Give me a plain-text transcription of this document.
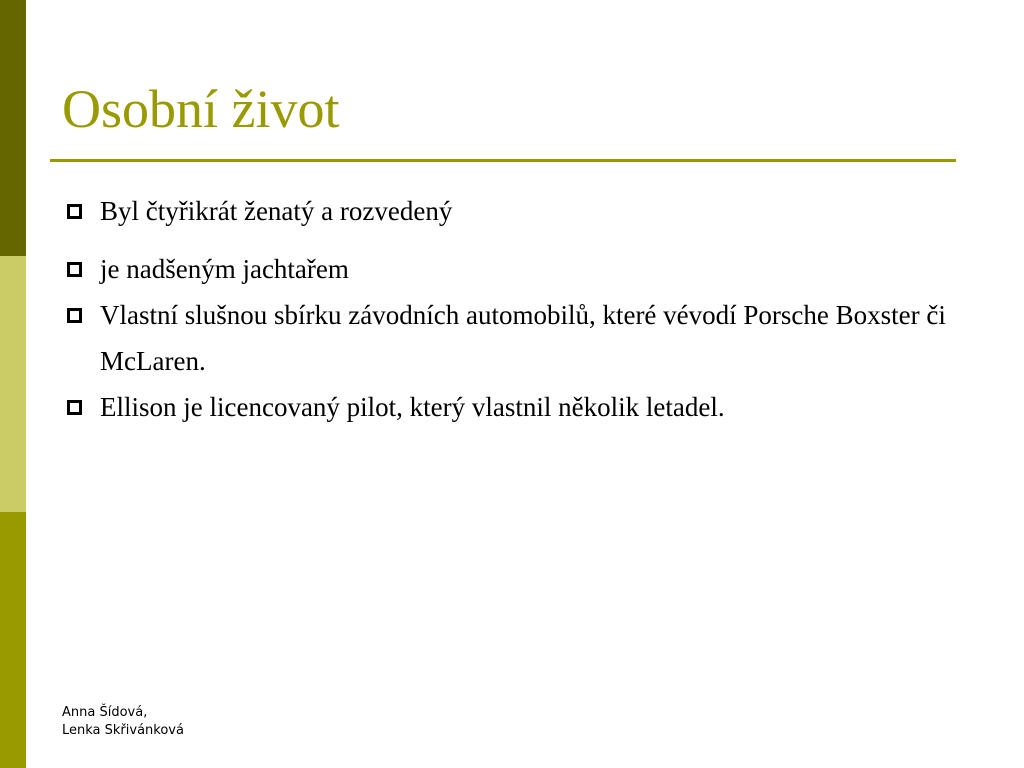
Osobní život
Byl čtyřikrát ženatý a rozvedený
je nadšeným jachtařem
Vlastní slušnou sbírku závodních automobilů, které vévodí Porsche Boxster či McLaren.
Ellison je licencovaný pilot, který vlastnil několik letadel.
Anna Šídová,
Lenka Skřivánková
